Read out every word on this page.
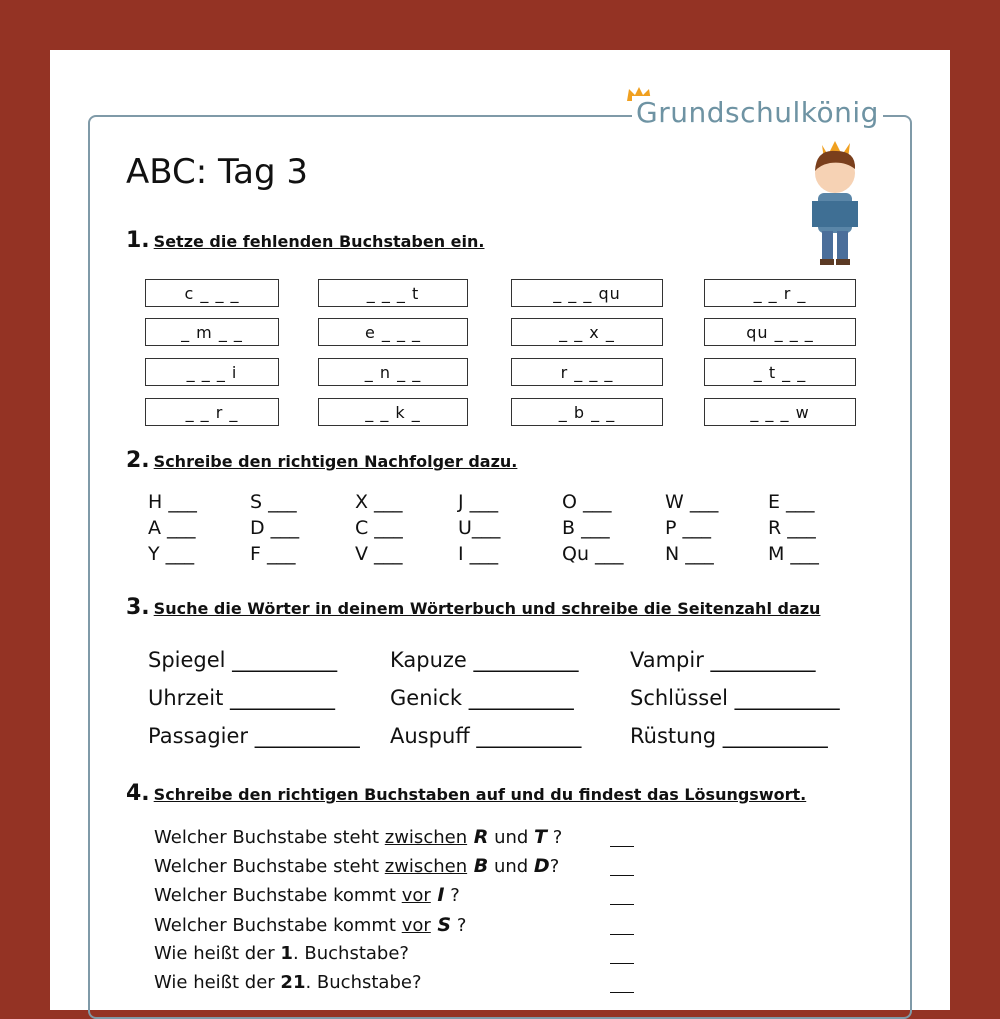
Grundschulkönig
ABC: Tag 3
1. Setze die fehlenden Buchstaben ein.
2. Schreibe den richtigen Nachfolger dazu.
3. Suche die Wörter in deinem Wörterbuch und schreibe die Seitenzahl dazu
4. Schreibe den richtigen Buchstaben auf und du findest das Lösungswort.
c _ _ _	_ _ _ t	_ _ _ qu	_ _ r _
_ m _ _	e _ _ _	_ _ x _	qu _ _ _
_ _ _ i	_ n _ _	r _ _ _	_ t _ _
_ _ r _	_ _ k _	_ b _ _	_ _ _ w
H ___	S ___	X ___	J ___	O ___	W ___	E ___
A ___	D ___	C ___	U___	B ___	P ___	R ___
Y ___	F ___	V ___	I ___	Qu ___ N ___	M ___
Spiegel __________	Kapuze __________ Vampir __________
Uhrzeit __________	Genick __________	Schlüssel __________
Passagier __________ Auspuff __________ Rüstung __________
Welcher Buchstabe steht zwischen R und T ?
Welcher Buchstabe steht zwischen B und D?
Welcher Buchstabe kommt vor I ?
Welcher Buchstabe kommt vor S ?
Wie heißt der 1. Buchstabe?
Wie heißt der 21. Buchstabe?
